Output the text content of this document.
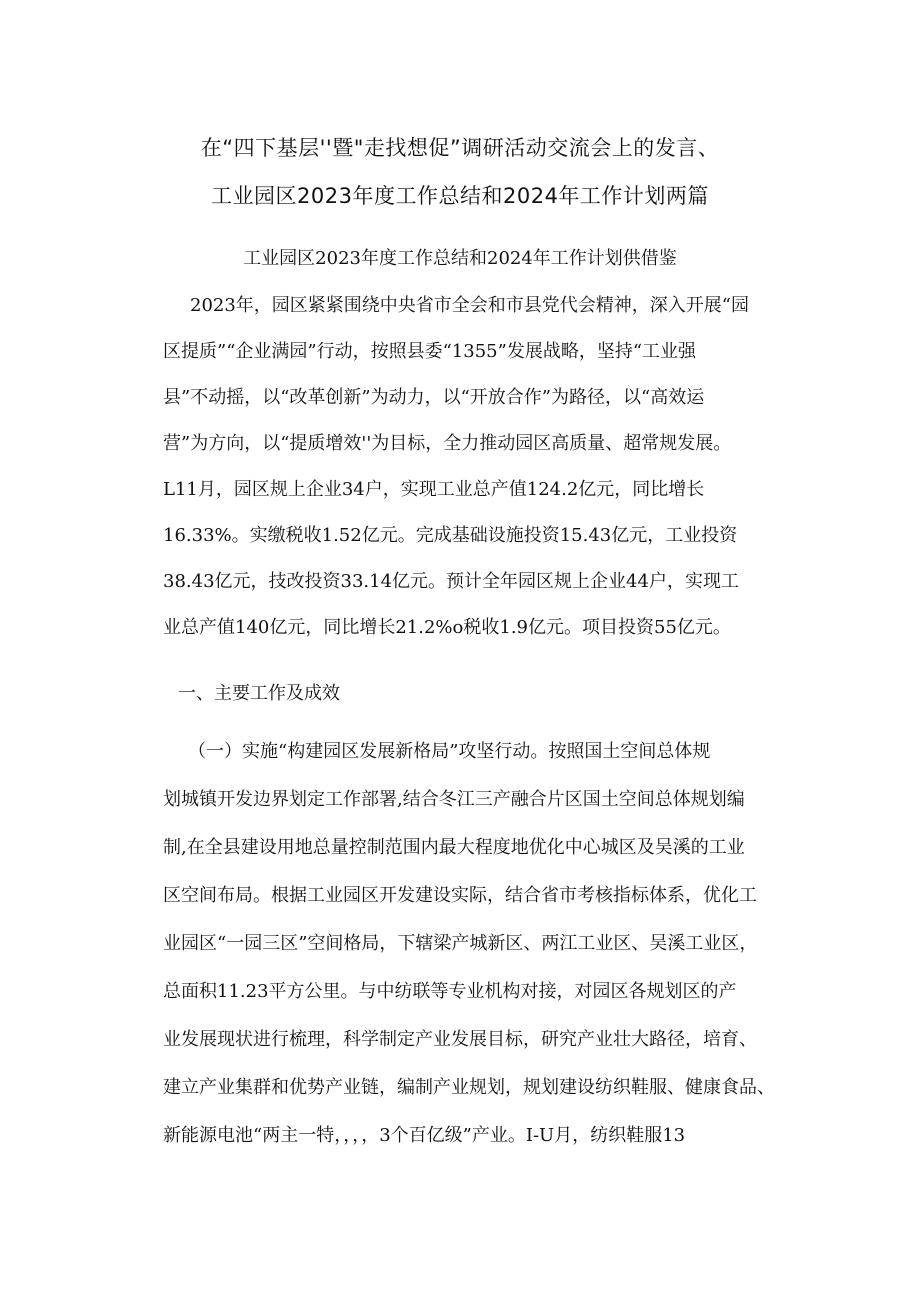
在“四下基层''暨"走找想促”调研活动交流会上的发言、
工业园区2023年度工作总结和2024年工作计划两篇
工业园区2023年度工作总结和2024年工作计划供借鉴
2023年，园区紧紧围绕中央省市全会和市县党代会精神，深入开展“园
区提质”“企业满园”行动，按照县委“1355”发展战略，坚持“工业强
县”不动摇，以“改革创新”为动力，以“开放合作”为路径，以“高效运
营”为方向，以“提质增效''为目标，全力推动园区高质量、超常规发展。
L11月，园区规上企业34户，实现工业总产值124.2亿元，同比增长
16.33%。实缴税收1.52亿元。完成基础设施投资15.43亿元，工业投资
38.43亿元，技改投资33.14亿元。预计全年园区规上企业44户，实现工
业总产值140亿元，同比增长21.2%o税收1.9亿元。项目投资55亿元。
一、主要工作及成效
（一）实施“构建园区发展新格局”攻坚行动。按照国土空间总体规
划城镇开发边界划定工作部署,结合冬江三产融合片区国土空间总体规划编
制,在全县建设用地总量控制范围内最大程度地优化中心城区及吴溪的工业
区空间布局。根据工业园区开发建设实际，结合省市考核指标体系，优化工
业园区“一园三区”空间格局，下辖梁产城新区、两江工业区、吴溪工业区，
总面积11.23平方公里。与中纺联等专业机构对接，对园区各规划区的产
业发展现状进行梳理，科学制定产业发展目标，研究产业壮大路径，培育、
建立产业集群和优势产业链，编制产业规划，规划建设纺织鞋服、健康食品、
新能源电池“两主一特，，，，3个百亿级”产业。I-U月，纺织鞋服13
